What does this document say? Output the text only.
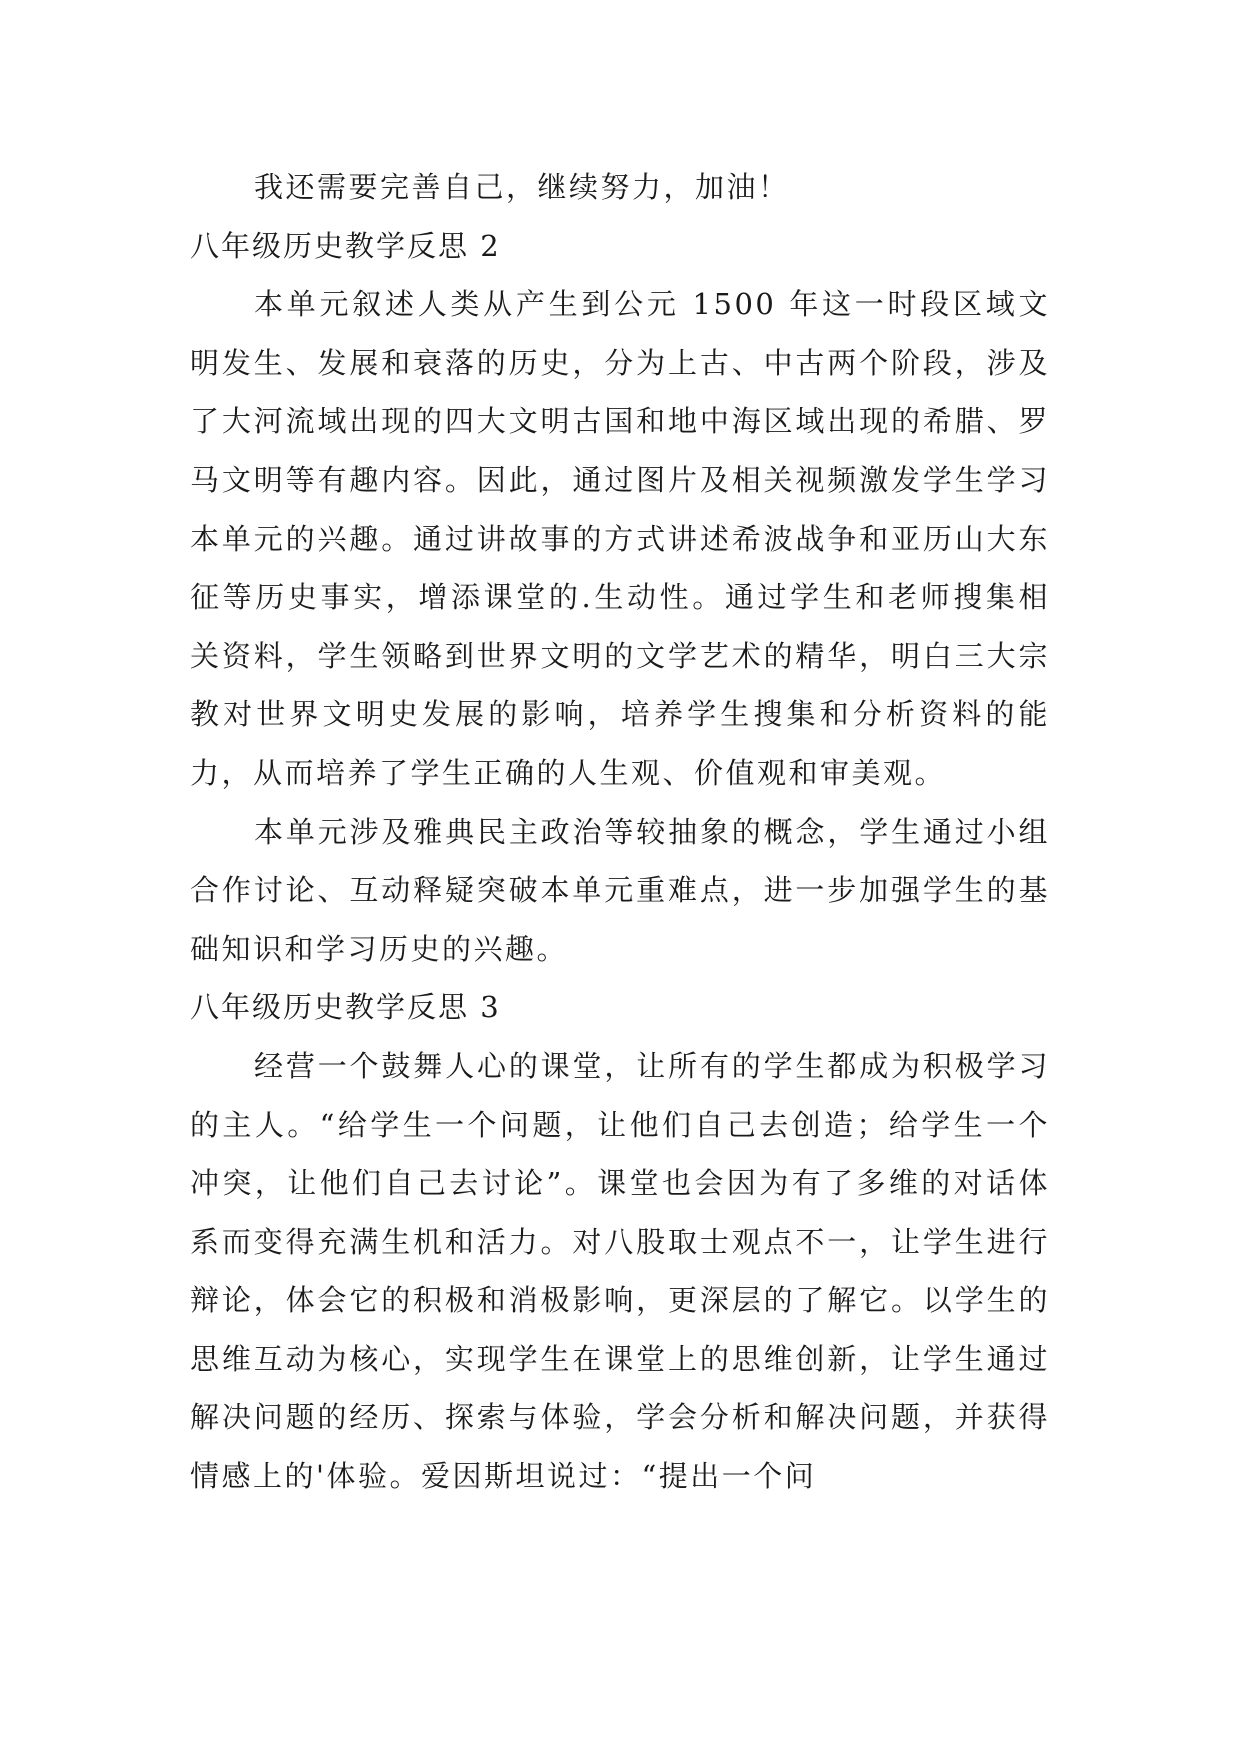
我还需要完善自己，继续努力，加油！

八年级历史教学反思 2

本单元叙述人类从产生到公元 1500 年这一时段区域文明发生、发展和衰落的历史，分为上古、中古两个阶段，涉及了大河流域出现的四大文明古国和地中海区域出现的希腊、罗马文明等有趣内容。因此，通过图片及相关视频激发学生学习本单元的兴趣。通过讲故事的方式讲述希波战争和亚历山大东征等历史事实，增添课堂的.生动性。通过学生和老师搜集相关资料，学生领略到世界文明的文学艺术的精华，明白三大宗教对世界文明史发展的影响，培养学生搜集和分析资料的能力，从而培养了学生正确的人生观、价值观和审美观。

本单元涉及雅典民主政治等较抽象的概念，学生通过小组合作讨论、互动释疑突破本单元重难点，进一步加强学生的基础知识和学习历史的兴趣。

八年级历史教学反思 3

经营一个鼓舞人心的课堂，让所有的学生都成为积极学习的主人。“给学生一个问题，让他们自己去创造；给学生一个冲突，让他们自己去讨论”。课堂也会因为有了多维的对话体系而变得充满生机和活力。对八股取士观点不一，让学生进行辩论，体会它的积极和消极影响，更深层的了解它。以学生的思维互动为核心，实现学生在课堂上的思维创新，让学生通过解决问题的经历、探索与体验，学会分析和解决问题，并获得情感上的'体验。爱因斯坦说过：“提出一个问
